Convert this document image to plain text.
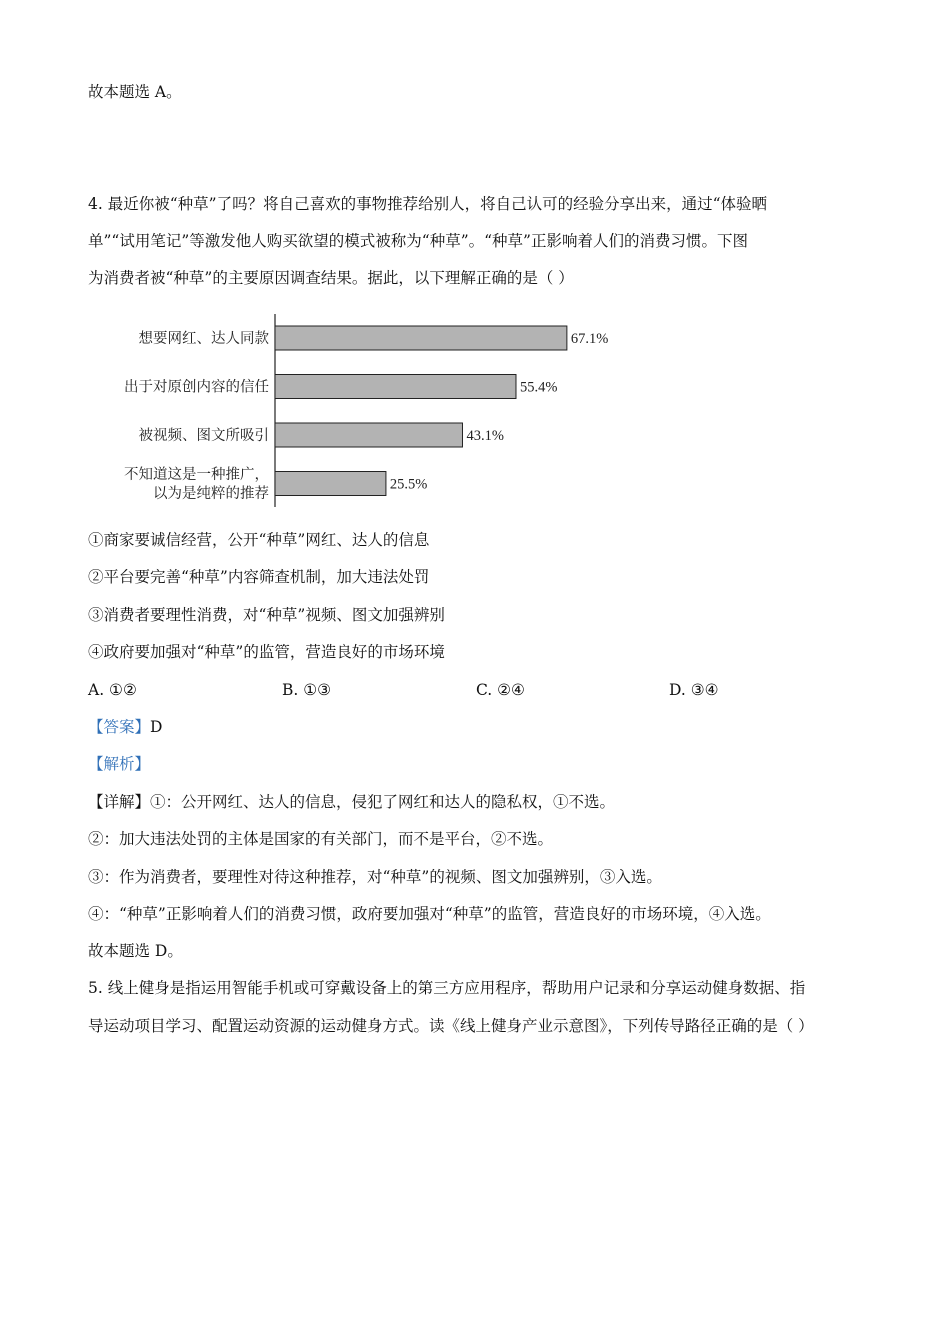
故本题选 A。
4. 最近你被“种草”了吗？将自己喜欢的事物推荐给别人，将自己认可的经验分享出来，通过“体验晒
单”“试用笔记”等激发他人购买欲望的模式被称为“种草”。“种草”正影响着人们的消费习惯。下图
为消费者被“种草”的主要原因调查结果。据此，以下理解正确的是（ ）
想要网红、达人同款	67.1%
出于对原创内容的信任	55.4%
被视频、图文所吸引	43.1%
不知道这是一种推广，
以为是纯粹的推荐
25.5%
①商家要诚信经营，公开“种草”网红、达人的信息
②平台要完善“种草”内容筛查机制，加大违法处罚
③消费者要理性消费，对“种草”视频、图文加强辨别
④政府要加强对“种草”的监管，营造良好的市场环境
A. ①②	B. ①③	C. ②④	D. ③④
【答案】D
【解析】
【详解】①：公开网红、达人的信息，侵犯了网红和达人的隐私权，①不选。
②：加大违法处罚的主体是国家的有关部门，而不是平台，②不选。
③：作为消费者，要理性对待这种推荐，对“种草”的视频、图文加强辨别，③入选。
④：“种草”正影响着人们的消费习惯，政府要加强对“种草”的监管，营造良好的市场环境，④入选。
故本题选 D。
5. 线上健身是指运用智能手机或可穿戴设备上的第三方应用程序，帮助用户记录和分享运动健身数据、指
导运动项目学习、配置运动资源的运动健身方式。读《线上健身产业示意图》，下列传导路径正确的是（ ）
